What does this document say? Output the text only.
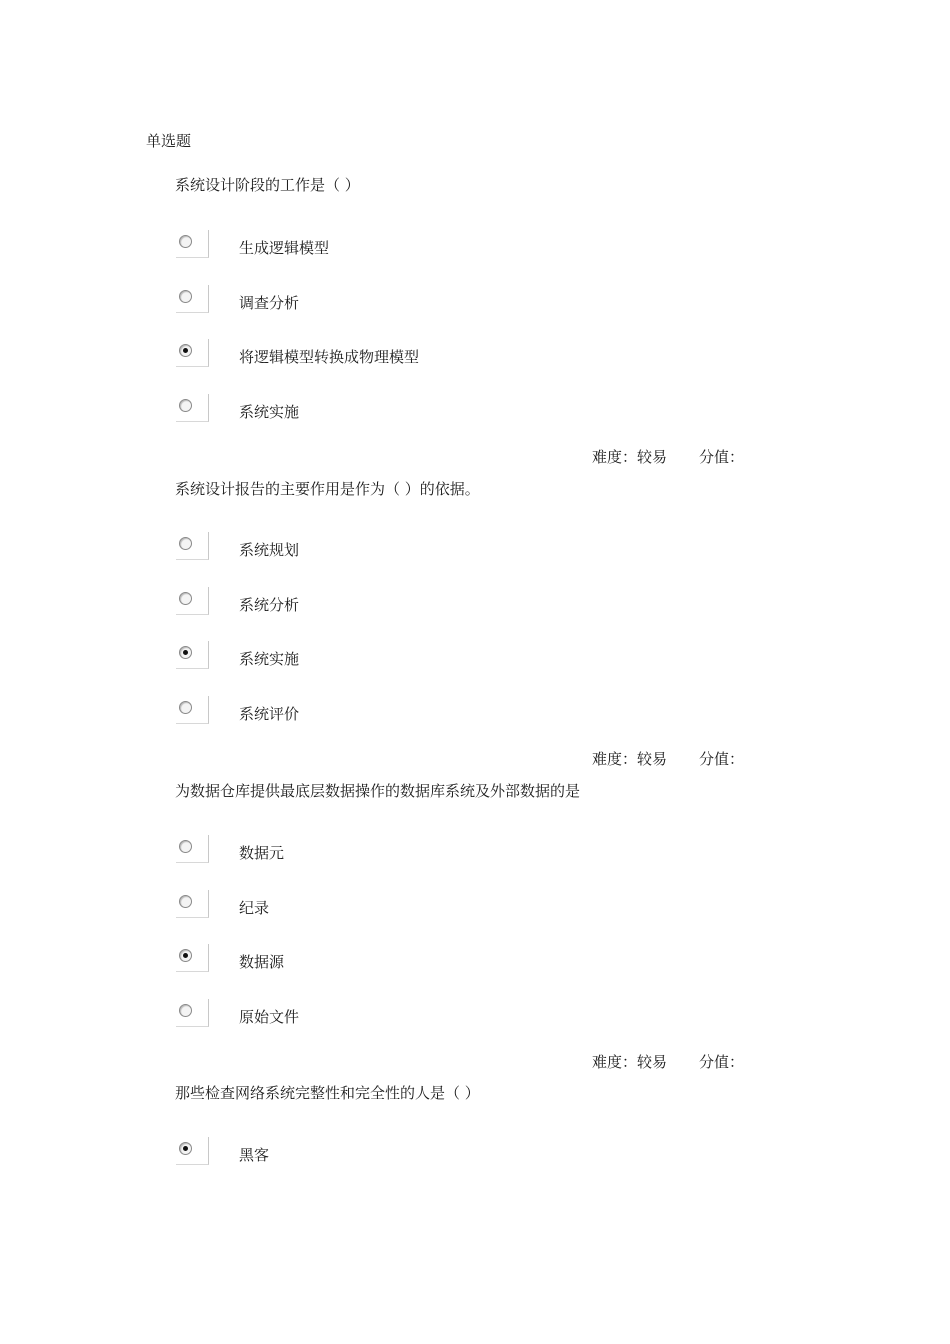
单选题
系统设计阶段的工作是（ ）
生成逻辑模型
调查分析
将逻辑模型转换成物理模型
系统实施
难度：较易 分值：
系统设计报告的主要作用是作为（ ）的依据。
系统规划
系统分析
系统实施
系统评价
难度：较易 分值：
为数据仓库提供最底层数据操作的数据库系统及外部数据的是
数据元
纪录
数据源
原始文件
难度：较易 分值：
那些检查网络系统完整性和完全性的人是（ ）
黑客
